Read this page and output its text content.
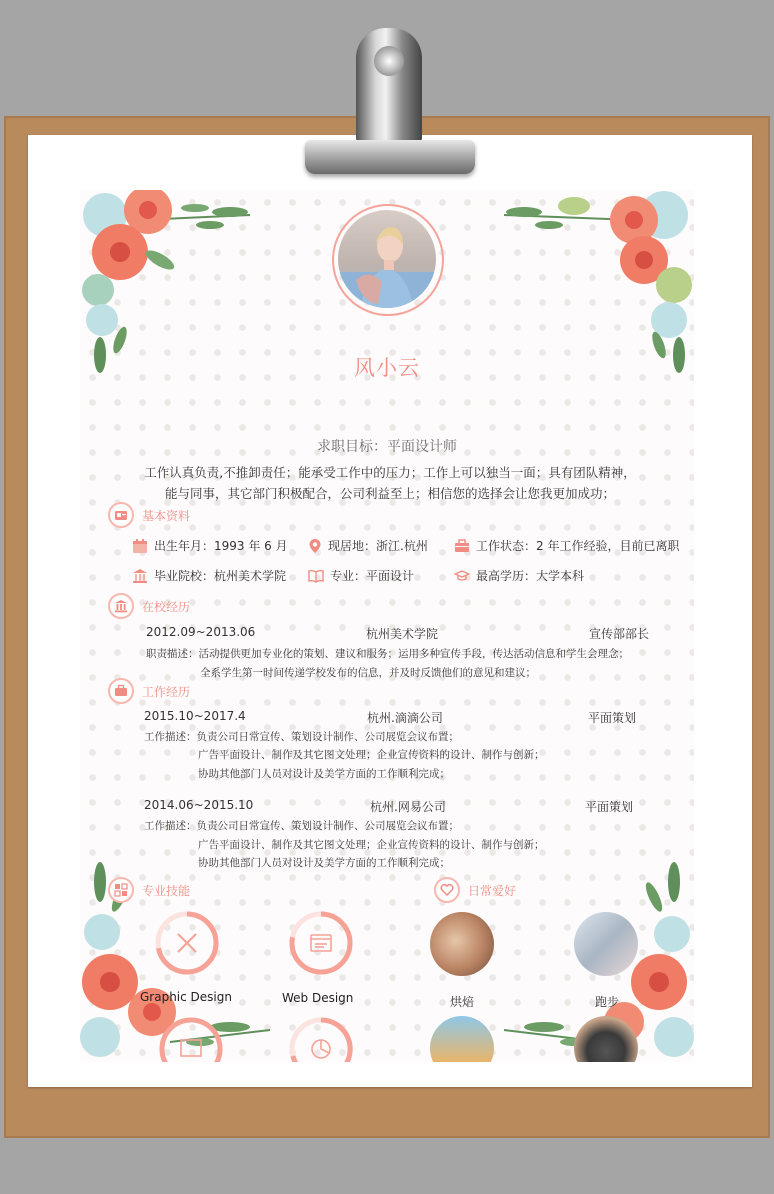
风小云
求职目标：平面设计师
工作认真负责,不推卸责任；能承受工作中的压力；工作上可以独当一面；具有团队精神，
能与同事，其它部门积极配合，公司利益至上；相信您的选择会让您我更加成功；
基本资料
出生年月：1993 年 6 月	现居地：浙江.杭州	工作状态：2 年工作经验，目前已离职
毕业院校：杭州美术学院	专业：平面设计	最高学历：大学本科
在校经历
2012.09~2013.06	杭州美术学院	宣传部部长
职责描述：活动提供更加专业化的策划、建议和服务；运用多种宣传手段，传达活动信息和学生会理念；
全系学生第一时间传递学校发布的信息，并及时反馈他们的意见和建议；
工作经历
2015.10~2017.4	杭州.滴滴公司	平面策划
工作描述：负责公司日常宣传、策划设计制作、公司展览会议布置；
广告平面设计、制作及其它图文处理；企业宣传资料的设计、制作与创新；
协助其他部门人员对设计及美学方面的工作顺利完成；
2014.06~2015.10	杭州.网易公司	平面策划
工作描述：负责公司日常宣传、策划设计制作、公司展览会议布置；
广告平面设计、制作及其它图文处理；企业宣传资料的设计、制作与创新；
协助其他部门人员对设计及美学方面的工作顺利完成；
专业技能
Graphic Design	Web Design
日常爱好
烘焙	跑步
